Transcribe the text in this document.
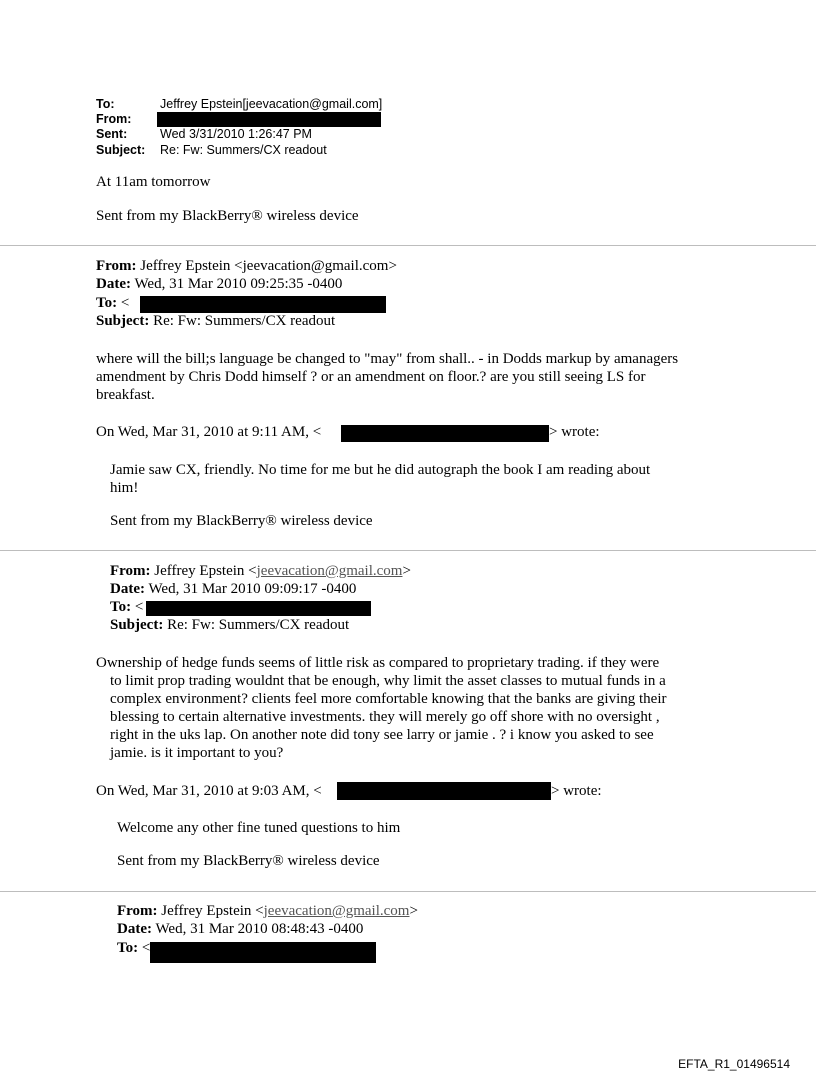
To:	Jeffrey Epstein[jeevacation@gmail.com]
From:
Sent:	Wed 3/31/2010 1:26:47 PM
Subject: Re: Fw: Summers/CX readout
At 11am tomorrow
Sent from my BlackBerry® wireless device
From: Jeffrey Epstein <jeevacation@gmail.com>
Date: Wed, 31 Mar 2010 09:25:35 -0400
To: <
Subject: Re: Fw: Summers/CX readout
where will the bill;s language be changed to "may" from shall.. - in Dodds markup by amanagers
amendment by Chris Dodd himself ? or an amendment on floor.? are you still seeing LS for
breakfast.
On Wed, Mar 31, 2010 at 9:11 AM, <	> wrote:
Jamie saw CX, friendly. No time for me but he did autograph the book I am reading about
him!
Sent from my BlackBerry® wireless device
From: Jeffrey Epstein <jeevacation@gmail.com>
Date: Wed, 31 Mar 2010 09:09:17 -0400
To: <
Subject: Re: Fw: Summers/CX readout
Ownership of hedge funds seems of little risk as compared to proprietary trading. if they were
to limit prop trading wouldnt that be enough, why limit the asset classes to mutual funds in a
complex environment? clients feel more comfortable knowing that the banks are giving their
blessing to certain alternative investments. they will merely go off shore with no oversight ,
right in the uks lap. On another note did tony see larry or jamie . ? i know you asked to see
jamie. is it important to you?
On Wed, Mar 31, 2010 at 9:03 AM, <	> wrote:
Welcome any other fine tuned questions to him
Sent from my BlackBerry® wireless device
From: Jeffrey Epstein <jeevacation@gmail.com>
Date: Wed, 31 Mar 2010 08:48:43 -0400
To: <
EFTA_R1_01496514
